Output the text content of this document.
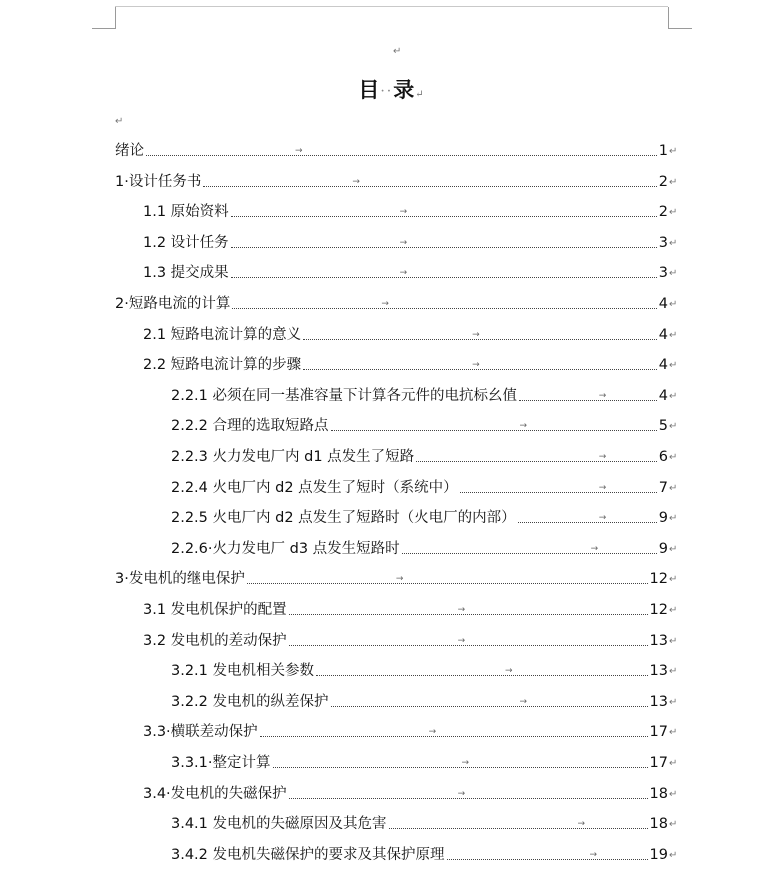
↵
目··录↵
↵
绪论	1
→	↵
1·设计任务书	2
→	↵
1.1 原始资料	2
→	↵
1.2 设计任务	3
→	↵
1.3 提交成果	3
→	↵
2·短路电流的计算	4
→	↵
2.1 短路电流计算的意义	4
→	↵
2.2 短路电流计算的步骤	4
→	↵
2.2.1 必须在同一基准容量下计算各元件的电抗标幺值	4
→	↵
2.2.2 合理的选取短路点	5
→	↵
2.2.3 火力发电厂内 d1 点发生了短路	6
→	↵
2.2.4 火电厂内 d2 点发生了短时（系统中）	7
→	↵
2.2.5 火电厂内 d2 点发生了短路时（火电厂的内部）	9
→	↵
2.2.6·火力发电厂 d3 点发生短路时	9
→	↵
3·发电机的继电保护	12
→	↵
3.1 发电机保护的配置	12
→	↵
3.2 发电机的差动保护	13
→	↵
3.2.1 发电机相关参数	13
→	↵
3.2.2 发电机的纵差保护	13
→	↵
3.3·横联差动保护	17
→	↵
3.3.1·整定计算	17
→	↵
3.4·发电机的失磁保护	18
→	↵
3.4.1 发电机的失磁原因及其危害	18
→	↵
3.4.2 发电机失磁保护的要求及其保护原理	19
→	↵
